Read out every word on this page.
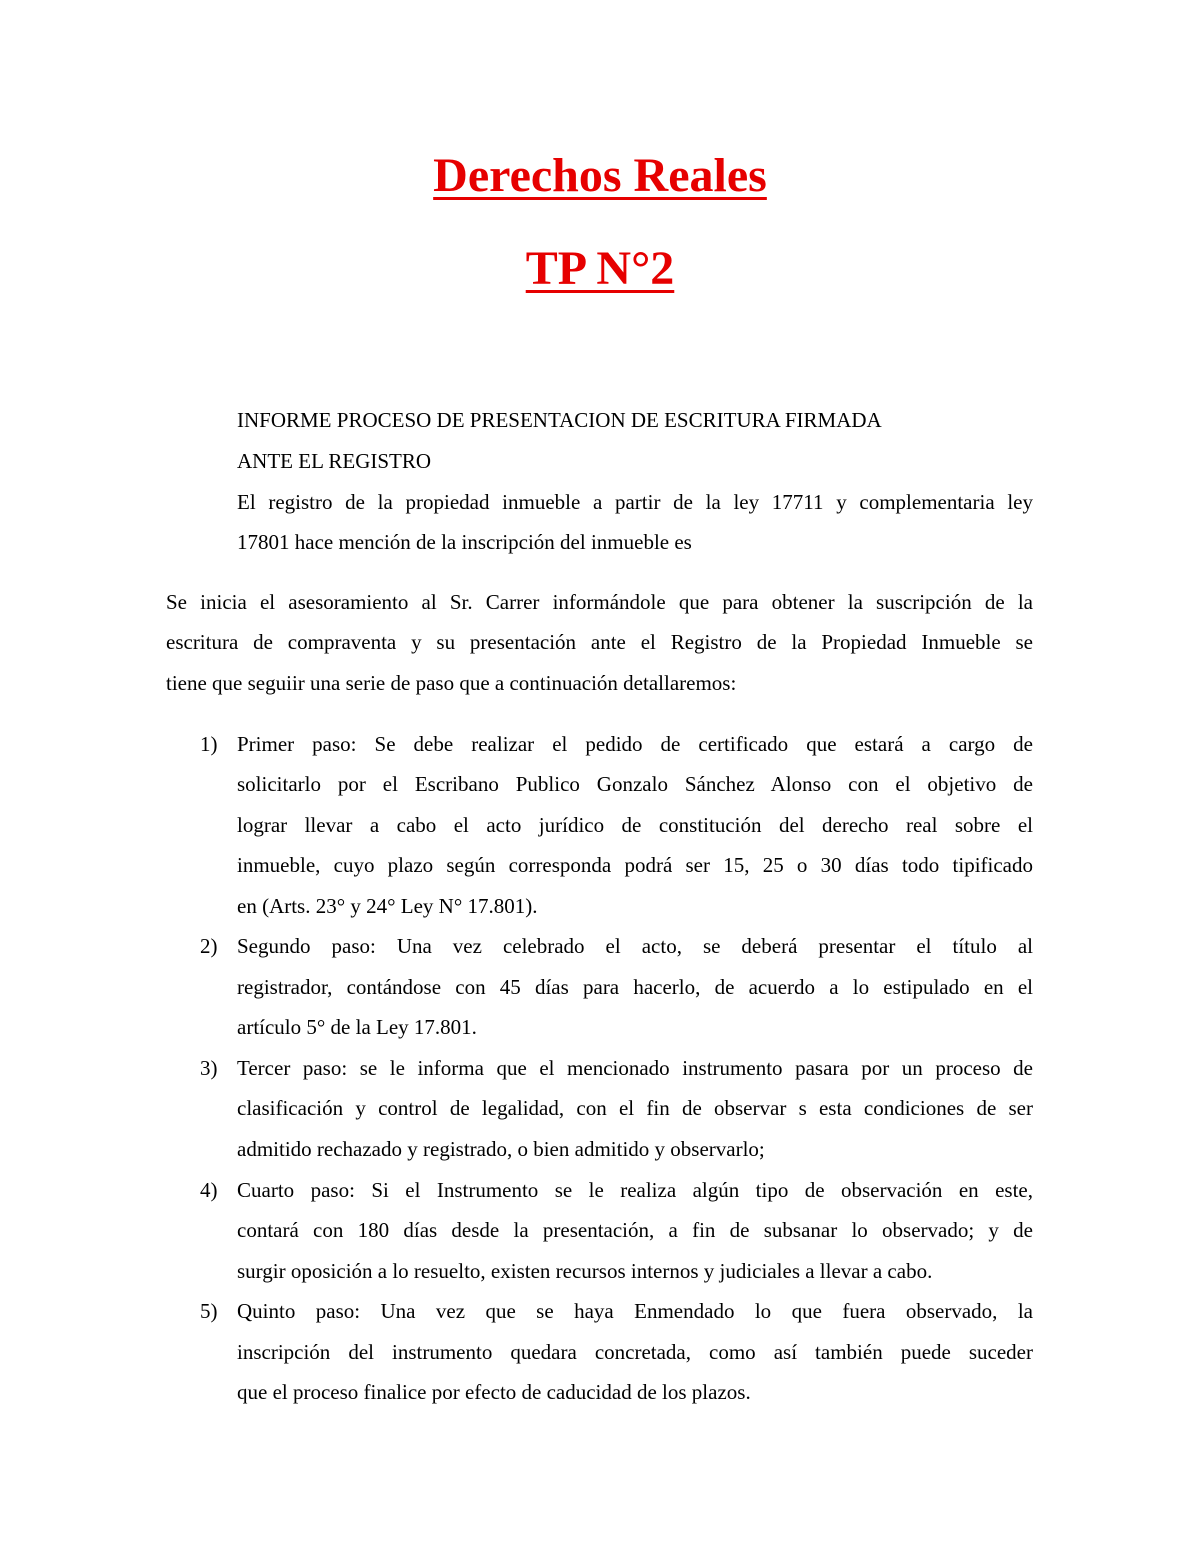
Derechos Reales
TP N°2
INFORME PROCESO DE PRESENTACION DE ESCRITURA FIRMADA
ANTE EL REGISTRO
El registro de la propiedad inmueble a partir de la ley 17711 y complementaria ley
17801 hace mención de la inscripción del inmueble es
Se inicia el asesoramiento al Sr. Carrer informándole que para obtener la suscripción de la
escritura de compraventa y su presentación ante el Registro de la Propiedad Inmueble se
tiene que seguiir una serie de paso que a continuación detallaremos:
1) Primer paso: Se debe realizar el pedido de certificado que estará a cargo de
solicitarlo por el Escribano Publico Gonzalo Sánchez Alonso con el objetivo de
lograr llevar a cabo el acto jurídico de constitución del derecho real sobre el
inmueble, cuyo plazo según corresponda podrá ser 15, 25 o 30 días todo tipificado
en (Arts. 23° y 24° Ley N° 17.801).
2) Segundo paso: Una vez celebrado el acto, se deberá presentar el título al
registrador, contándose con 45 días para hacerlo, de acuerdo a lo estipulado en el
artículo 5° de la Ley 17.801.
3) Tercer paso: se le informa que el mencionado instrumento pasara por un proceso de
clasificación y control de legalidad, con el fin de observar s esta condiciones de ser
admitido rechazado y registrado, o bien admitido y observarlo;
4) Cuarto paso: Si el Instrumento se le realiza algún tipo de observación en este,
contará con 180 días desde la presentación, a fin de subsanar lo observado; y de
surgir oposición a lo resuelto, existen recursos internos y judiciales a llevar a cabo.
5) Quinto paso: Una vez que se haya Enmendado lo que fuera observado, la
inscripción del instrumento quedara concretada, como así también puede suceder
que el proceso finalice por efecto de caducidad de los plazos.
